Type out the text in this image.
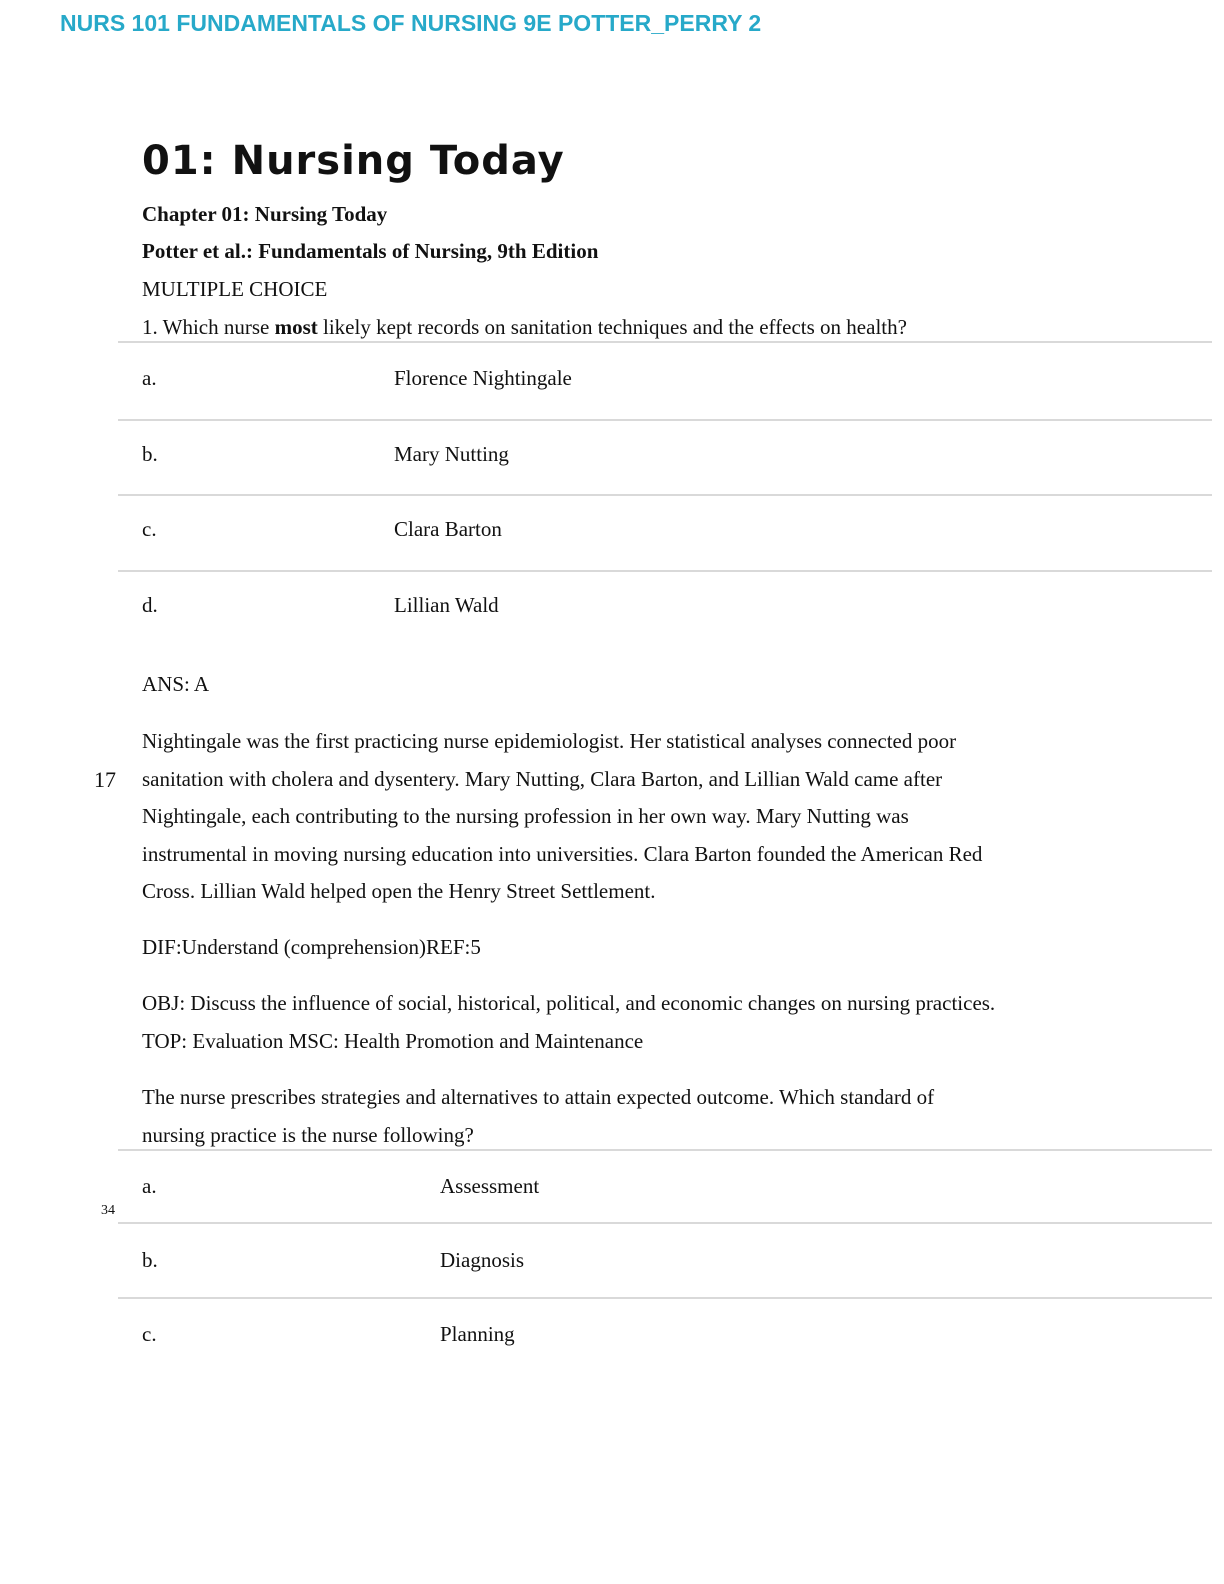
NURS 101 FUNDAMENTALS OF NURSING 9E POTTER_PERRY 2
01: Nursing Today
Chapter 01: Nursing Today
Potter et al.: Fundamentals of Nursing, 9th Edition
MULTIPLE CHOICE
1. Which nurse most likely kept records on sanitation techniques and the effects on health?
a.	Florence Nightingale
b.	Mary Nutting
c.	Clara Barton
d.	Lillian Wald
ANS: A
Nightingale was the first practicing nurse epidemiologist. Her statistical analyses connected poor
sanitation with cholera and dysentery. Mary Nutting, Clara Barton, and Lillian Wald came after
Nightingale, each contributing to the nursing profession in her own way. Mary Nutting was
instrumental in moving nursing education into universities. Clara Barton founded the American Red
Cross. Lillian Wald helped open the Henry Street Settlement.
17
DIF:Understand (comprehension)REF:5
OBJ: Discuss the influence of social, historical, political, and economic changes on nursing practices.
TOP: Evaluation MSC: Health Promotion and Maintenance
The nurse prescribes strategies and alternatives to attain expected outcome. Which standard of
nursing practice is the nurse following?
a.	Assessment
34
b.	Diagnosis
c.	Planning
